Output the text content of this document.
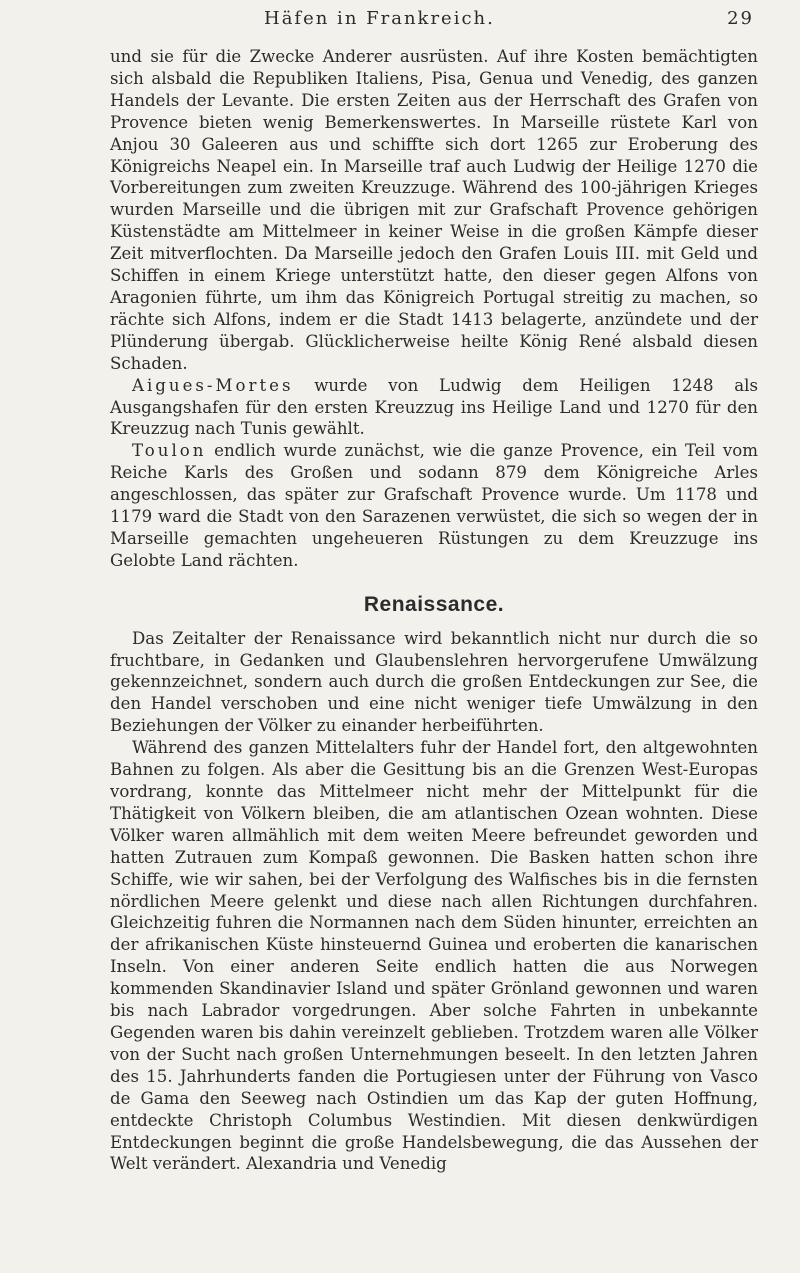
Häfen in Frankreich.	29

und sie für die Zwecke Anderer ausrüsten. Auf ihre Kosten bemächtigten sich alsbald die Republiken Italiens, Pisa, Genua und Venedig, des ganzen Handels der Levante. Die ersten Zeiten aus der Herrschaft des Grafen von Provence bieten wenig Bemerkenswertes. In Marseille rüstete Karl von Anjou 30 Galeeren aus und schiffte sich dort 1265 zur Eroberung des Königreichs Neapel ein. In Marseille traf auch Ludwig der Heilige 1270 die Vorbereitungen zum zweiten Kreuzzuge. Während des 100-jährigen Krieges wurden Marseille und die übrigen mit zur Grafschaft Provence gehörigen Küstenstädte am Mittelmeer in keiner Weise in die großen Kämpfe dieser Zeit mitverflochten. Da Marseille jedoch den Grafen Louis III. mit Geld und Schiffen in einem Kriege unterstützt hatte, den dieser gegen Alfons von Aragonien führte, um ihm das Königreich Portugal streitig zu machen, so rächte sich Alfons, indem er die Stadt 1413 belagerte, anzündete und der Plünderung übergab. Glücklicherweise heilte König René alsbald diesen Schaden.

Aigues-Mortes wurde von Ludwig dem Heiligen 1248 als Ausgangshafen für den ersten Kreuzzug ins Heilige Land und 1270 für den Kreuzzug nach Tunis gewählt.

Toulon endlich wurde zunächst, wie die ganze Provence, ein Teil vom Reiche Karls des Großen und sodann 879 dem Königreiche Arles angeschlossen, das später zur Grafschaft Provence wurde. Um 1178 und 1179 ward die Stadt von den Sarazenen verwüstet, die sich so wegen der in Marseille gemachten ungeheueren Rüstungen zu dem Kreuzzuge ins Gelobte Land rächten.

Renaissance.

Das Zeitalter der Renaissance wird bekanntlich nicht nur durch die so fruchtbare, in Gedanken und Glaubenslehren hervorgerufene Umwälzung gekennzeichnet, sondern auch durch die großen Entdeckungen zur See, die den Handel verschoben und eine nicht weniger tiefe Umwälzung in den Beziehungen der Völker zu einander herbeiführten.

Während des ganzen Mittelalters fuhr der Handel fort, den altgewohnten Bahnen zu folgen. Als aber die Gesittung bis an die Grenzen West-Europas vordrang, konnte das Mittelmeer nicht mehr der Mittelpunkt für die Thätigkeit von Völkern bleiben, die am atlantischen Ozean wohnten. Diese Völker waren allmählich mit dem weiten Meere befreundet geworden und hatten Zutrauen zum Kompaß gewonnen. Die Basken hatten schon ihre Schiffe, wie wir sahen, bei der Verfolgung des Walfisches bis in die fernsten nördlichen Meere gelenkt und diese nach allen Richtungen durchfahren. Gleichzeitig fuhren die Normannen nach dem Süden hinunter, erreichten an der afrikanischen Küste hinsteuernd Guinea und eroberten die kanarischen Inseln. Von einer anderen Seite endlich hatten die aus Norwegen kommenden Skandinavier Island und später Grönland gewonnen und waren bis nach Labrador vorgedrungen. Aber solche Fahrten in unbekannte Gegenden waren bis dahin vereinzelt geblieben. Trotzdem waren alle Völker von der Sucht nach großen Unternehmungen beseelt. In den letzten Jahren des 15. Jahrhunderts fanden die Portugiesen unter der Führung von Vasco de Gama den Seeweg nach Ostindien um das Kap der guten Hoffnung, entdeckte Christoph Columbus Westindien. Mit diesen denkwürdigen Entdeckungen beginnt die große Handelsbewegung, die das Aussehen der Welt verändert. Alexandria und Venedig
